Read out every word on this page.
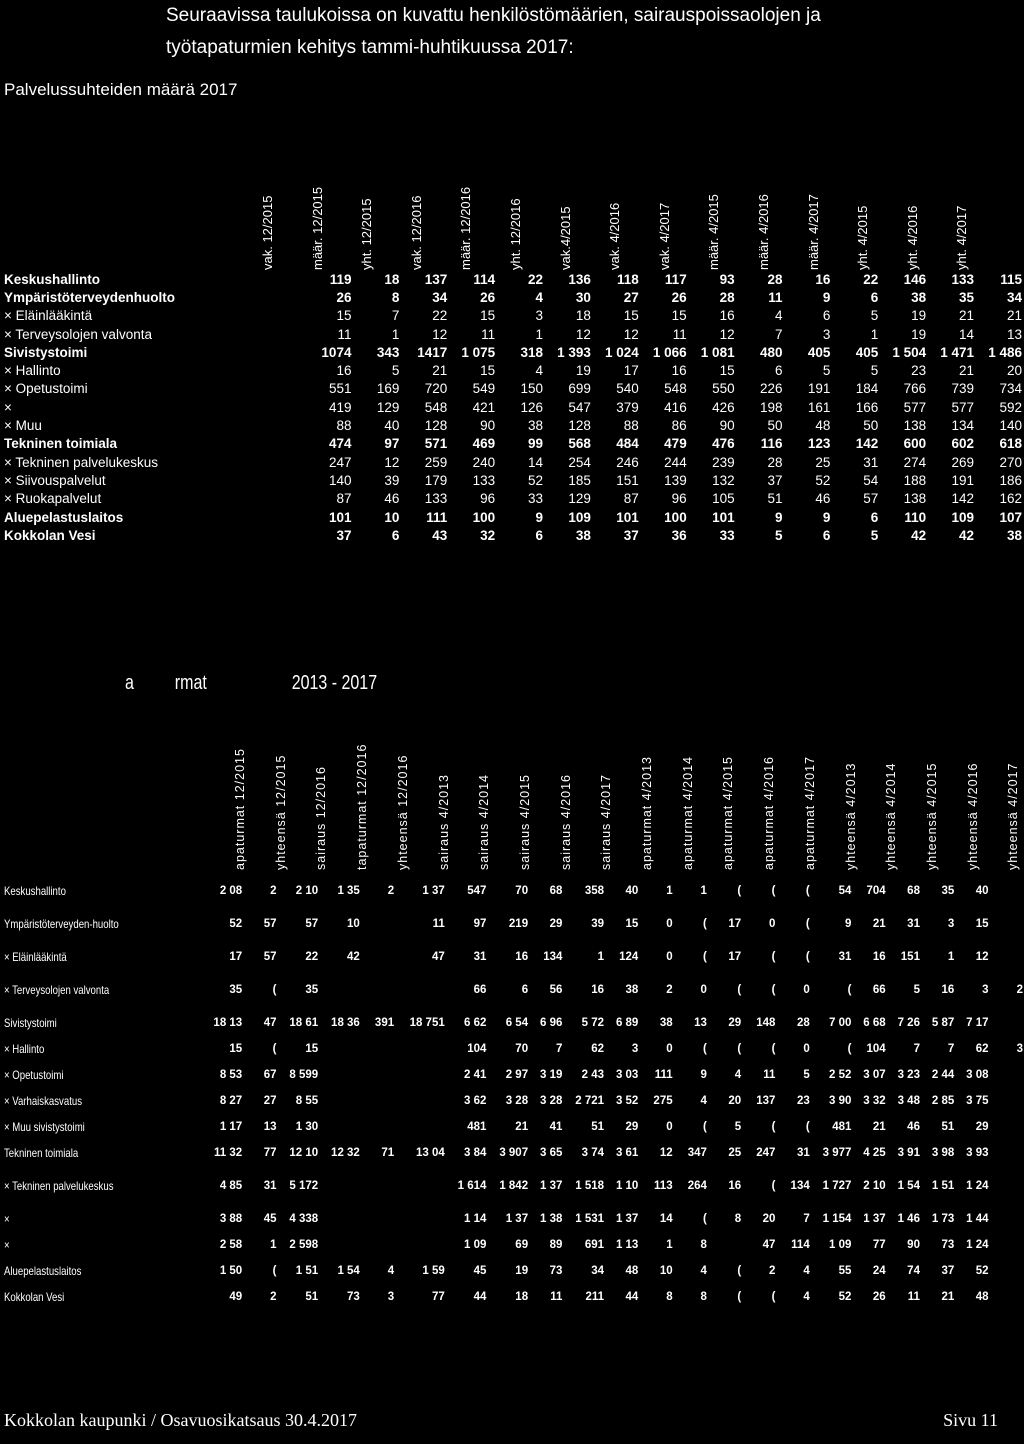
Seuraavissa taulukoissa on kuvattu henkilöstömäärien, sairauspoissaolojen ja
työtapaturmien kehitys tammi-huhtikuussa 2017:
Palvelussuhteiden määrä 2017
vak. 12/2015	määr. 12/2015	yht. 12/2015	vak. 12/2016	määr. 12/2016	yht. 12/2016	vak.4/2015	vak. 4/2016	vak. 4/2017	määr. 4/2015	määr. 4/2016	määr. 4/2017	yht. 4/2015	yht. 4/2016	yht. 4/2017
Keskushallinto	119	18	137	114	22	136	118	117	93	28	16	22	146	133	115
Ympäristöterveydenhuolto	26	8	34	26	4	30	27	26	28	11	9	6	38	35	34
× Eläinlääkintä	15	7	22	15	3	18	15	15	16	4	6	5	19	21	21
× Terveysolojen valvonta	11	1	12	11	1	12	12	11	12	7	3	1	19	14	13
Sivistystoimi	1074	343	1417	1 075	318	1 393	1 024	1 066	1 081	480	405	405	1 504	1 471	1 486
× Hallinto	16	5	21	15	4	19	17	16	15	6	5	5	23	21	20
× Opetustoimi	551	169	720	549	150	699	540	548	550	226	191	184	766	739	734
×	419	129	548	421	126	547	379	416	426	198	161	166	577	577	592
× Muu	88	40	128	90	38	128	88	86	90	50	48	50	138	134	140
Tekninen toimiala	474	97	571	469	99	568	484	479	476	116	123	142	600	602	618
× Tekninen palvelukeskus	247	12	259	240	14	254	246	244	239	28	25	31	274	269	270
× Siivouspalvelut	140	39	179	133	52	185	151	139	132	37	52	54	188	191	186
× Ruokapalvelut	87	46	133	96	33	129	87	96	105	51	46	57	138	142	162
Aluepelastuslaitos	101	10	111	100	9	109	101	100	101	9	9	6	110	109	107
Kokkolan Vesi	37	6	43	32	6	38	37	36	33	5	6	5	42	42	38
a rmat	2013 - 2017
apaturmat 12/2015 yhteensä 12/2015 sairaus 12/2016 tapaturmat 12/2016 yhteensä 12/2016 sairaus 4/2013 sairaus 4/2014 sairaus 4/2015 sairaus 4/2016 sairaus 4/2017 apaturmat 4/2013 apaturmat 4/2014 apaturmat 4/2015 apaturmat 4/2016 apaturmat 4/2017 yhteensä 4/2013 yhteensä 4/2014 yhteensä 4/2015 yhteensä 4/2016 yhteensä 4/2017
Keskushallinto	2 08	2	2 10	1 35	2	1 37	547	70	68	358	40	1	1	(	(	(	54	704	68	35	40	
Ympäristöterveyden-huolto	52	57	57	10		11	97	219	29	39	15	0	(	17	0	(	9	21	31	3	15	
× Eläinlääkintä	17	57	22	42		47	31	16	134	1	124	0	(	17	(	(	31	16	151	1	12	
× Terveysolojen valvonta	35	(	35				66	6	56	16	38	2	0	(	(	0	(	66	5	16	3	2
Sivistystoimi	18 13	47	18 61	18 36	391	18 751	6 62	6 54	6 96	5 72	6 89	38	13	29	148	28	7 00	6 68	7 26	5 87	7 17	
× Hallinto	15	(	15				104	70	7	62	3	0	(	(	(	0	(	104	7	7	62	3
× Opetustoimi	8 53	67	8 599				2 41	2 97	3 19	2 43	3 03	111	9	4	11	5	2 52	3 07	3 23	2 44	3 08	
× Varhaiskasvatus	8 27	27	8 55				3 62	3 28	3 28	2 721	3 52	275	4	20	137	23	3 90	3 32	3 48	2 85	3 75	
× Muu sivistystoimi	1 17	13	1 30				481	21	41	51	29	0	(	5	(	(	481	21	46	51	29	
Tekninen toimiala	11 32	77	12 10	12 32	71	13 04	3 84	3 907	3 65	3 74	3 61	12	347	25	247	31	3 977	4 25	3 91	3 98	3 93	
× Tekninen palvelukeskus	4 85	31	5 172				1 614	1 842	1 37	1 518	1 10	113	264	16	(	134	1 727	2 10	1 54	1 51	1 24	
×	3 88	45	4 338				1 14	1 37	1 38	1 531	1 37	14	(	8	20	7	1 154	1 37	1 46	1 73	1 44	
×	2 58	1	2 598				1 09	69	89	691	1 13	1	8		47	114	1 09	77	90	73	1 24	
Aluepelastuslaitos	1 50	(	1 51	1 54	4	1 59	45	19	73	34	48	10	4	(	2	4	55	24	74	37	52	
Kokkolan Vesi	49	2	51	73	3	77	44	18	11	211	44	8	8	(	(	4	52	26	11	21	48	
Kokkolan kaupunki / Osavuosikatsaus 30.4.2017	Sivu 11
